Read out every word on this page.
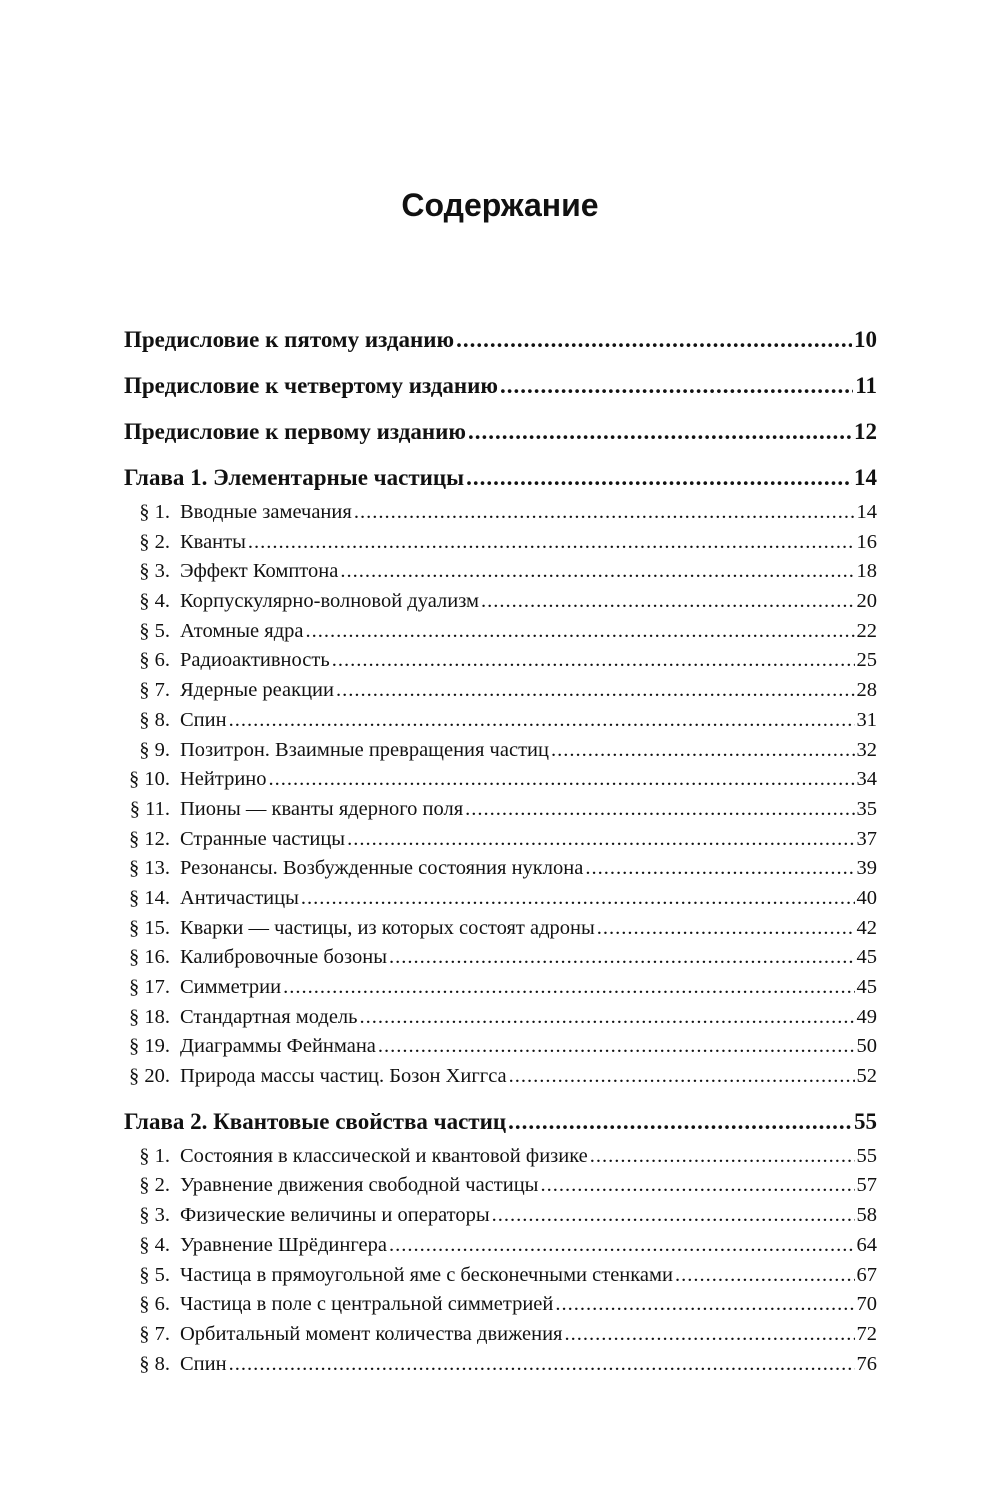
Содержание
Предисловие к пятому изданию .....	10
Предисловие к четвертому изданию .....	11
Предисловие к первому изданию .....	12
Глава 1. Элементарные частицы .....	14
§ 1. Вводные замечания .....	14
§ 2. Кванты .....	16
§ 3. Эффект Комптона .....	18
§ 4. Корпускулярно-волновой дуализм .....	20
§ 5. Атомные ядра .....	22
§ 6. Радиоактивность .....	25
§ 7. Ядерные реакции .....	28
§ 8. Спин .....	31
§ 9. Позитрон. Взаимные превращения частиц .....	32
§ 10. Нейтрино .....	34
§ 11. Пионы — кванты ядерного поля .....	35
§ 12. Странные частицы .....	37
§ 13. Резонансы. Возбужденные состояния нуклона .....	39
§ 14. Античастицы .....	40
§ 15. Кварки — частицы, из которых состоят адроны .....	42
§ 16. Калибровочные бозоны .....	45
§ 17. Симметрии .....	45
§ 18. Стандартная модель .....	49
§ 19. Диаграммы Фейнмана .....	50
§ 20. Природа массы частиц. Бозон Хиггса .....	52
Глава 2. Квантовые свойства частиц .....	55
§ 1. Состояния в классической и квантовой физике .....	55
§ 2. Уравнение движения свободной частицы .....	57
§ 3. Физические величины и операторы .....	58
§ 4. Уравнение Шрёдингера .....	64
§ 5. Частица в прямоугольной яме с бесконечными стенками .....	67
§ 6. Частица в поле с центральной симметрией .....	70
§ 7. Орбитальный момент количества движения .....	72
§ 8. Спин .....	76
